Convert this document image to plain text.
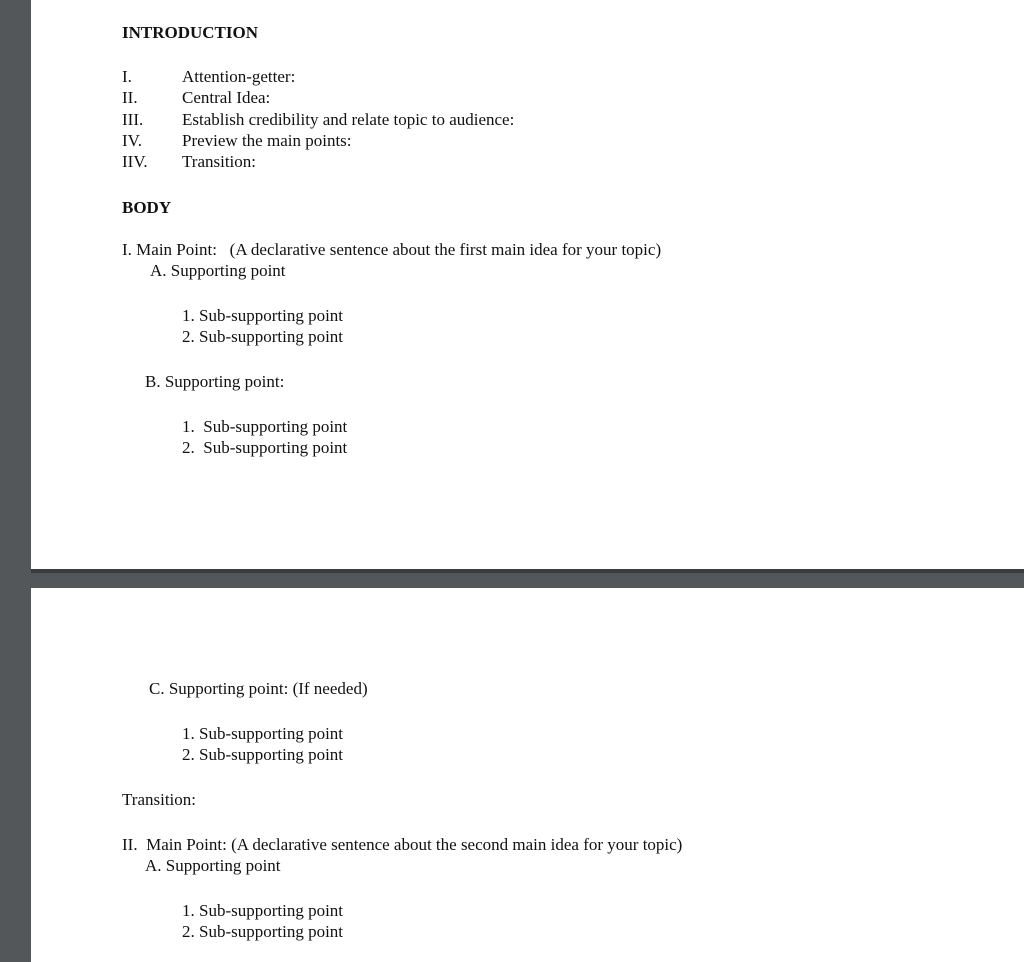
INTRODUCTION
I.	Attention-getter:
II.	Central Idea:
III. Establish credibility and relate topic to audience:
IV. Preview the main points:
IIV. Transition:
BODY
I. Main Point:   (A declarative sentence about the first main idea for your topic)
A. Supporting point
1. Sub-supporting point
2. Sub-supporting point
B. Supporting point:
1.  Sub-supporting point
2.  Sub-supporting point
C. Supporting point: (If needed)
1. Sub-supporting point
2. Sub-supporting point
Transition:
II.  Main Point: (A declarative sentence about the second main idea for your topic)
A. Supporting point
1. Sub-supporting point
2. Sub-supporting point
